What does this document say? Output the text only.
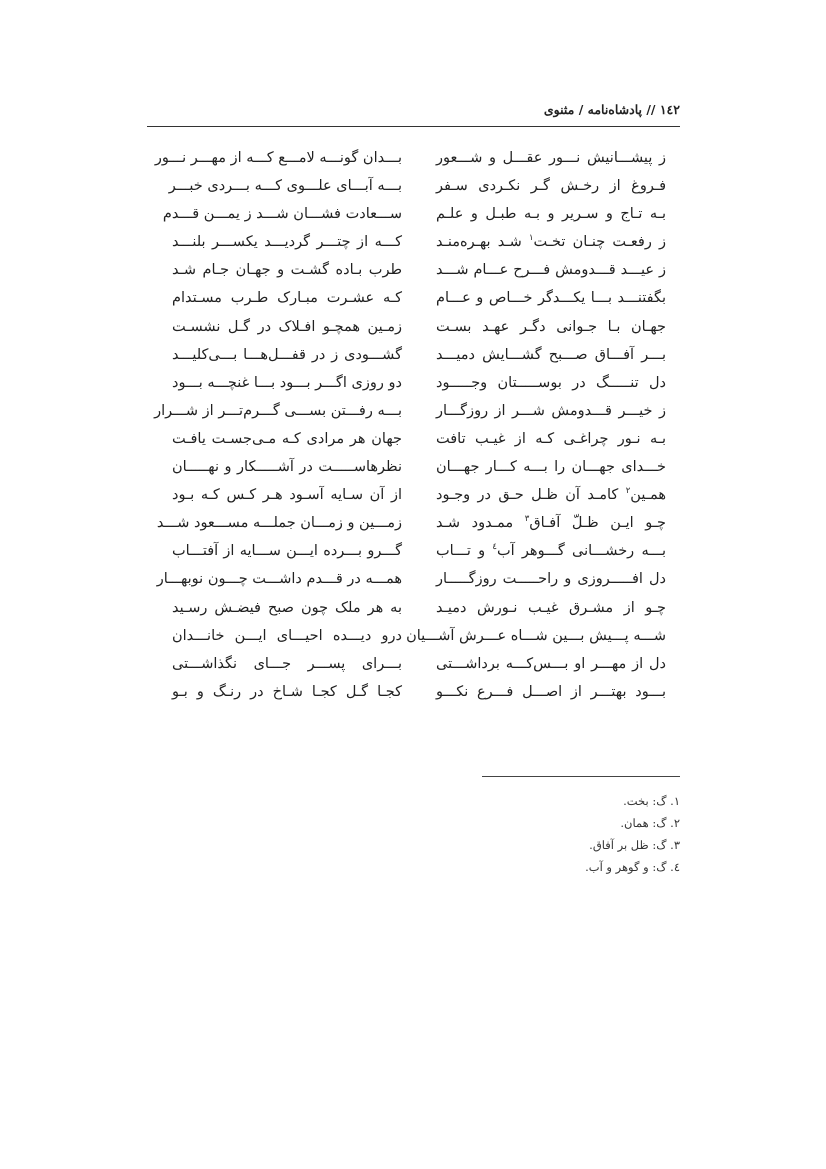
١٤٢ // پادشاه‌نامه / مثنوی
ز پیشـــانیش نـــور عقـــل و شـــعور
فـروغ از رخـش گـر نکـردی سـفر
بـه تـاج و سـریر و بـه طبـل و علـم
ز رفعـت چنـان تخـت$^١$ شـد بهـره‌منـد
ز عیـــد قـــدومش فـــرح عـــام شـــد
بگفتنـــد بـــا یکـــدگر خـــاص و عـــام
جهـان بـا جـوانی دگـر عهـد بسـت
بـــر آفـــاق صـــبح گشـــایش دمیـــد
دل تنـــــگ در بوســـــتان وجـــــود
ز خیـــر قـــدومش شـــر از روزگـــار
بـه نـور چراغـی کـه از غیـب تافت
خـــدای جهـــان را بـــه کـــار جهـــان
همـین$^٢$ کامـد آن ظـل حـق در وجـود
چـو ایـن ظـلّ آفـاق$^٣$ ممـدود شـد
بـــه رخشـــانی گـــوهر آب$^٤$ و تـــاب
دل افـــــروزی و راحـــــت روزگـــــار
چـو از مشـرق غیـب نـورش دمیـد
شـــه پـــیش بـــین شـــاه عـــرش آشـــیان
دل از مهـــر او بـــس‌کـــه برداشـــتی
بـــود بهتـــر از اصـــل فـــرع نکـــو
بـــدان گونـــه لامـــع کـــه از مهـــر نـــور
بـــه آبـــای علـــوی کـــه بـــردی خبـــر
ســـعادت فشـــان شـــد ز یمـــن قـــدم
کـــه از چتـــر گردیـــد یکســـر بلنـــد
طرب بـاده گشـت و جهـان جـام شـد
کـه عشـرت مبـارک طـرب مسـتدام
زمـین همچـو افـلاک در گـل نشسـت
گشـــودی ز در قفـــل‌هـــا بـــی‌کلیـــد
دو روزی اگـــر بـــود بـــا غنچـــه بـــود
بـــه رفـــتن بســـی گـــرم‌تـــر از شـــرار
جهان هر مرادی کـه مـی‌جسـت یافـت
نظرهاســـــت در آشـــــکار و نهـــــان
از آن سـایه آسـود هـر کـس کـه بـود
زمـــین و زمـــان جملـــه مســـعود شـــد
گـــرو بـــرده ایـــن ســـایه از آفتـــاب
همـــه در قـــدم داشـــت چـــون نوبهـــار
به هر ملک چون صبح فیضـش رسـید
درو دیـــده احیـــای ایـــن خانـــدان
بـــرای پســـر جـــای نگذاشـــتی
کجـا گـل کجـا شـاخ در رنـگ و بـو
١. گ: بخت.
٢. گ: همان.
٣. گ: ظل بر آفاق.
٤. گ: و گوهر و آب.
